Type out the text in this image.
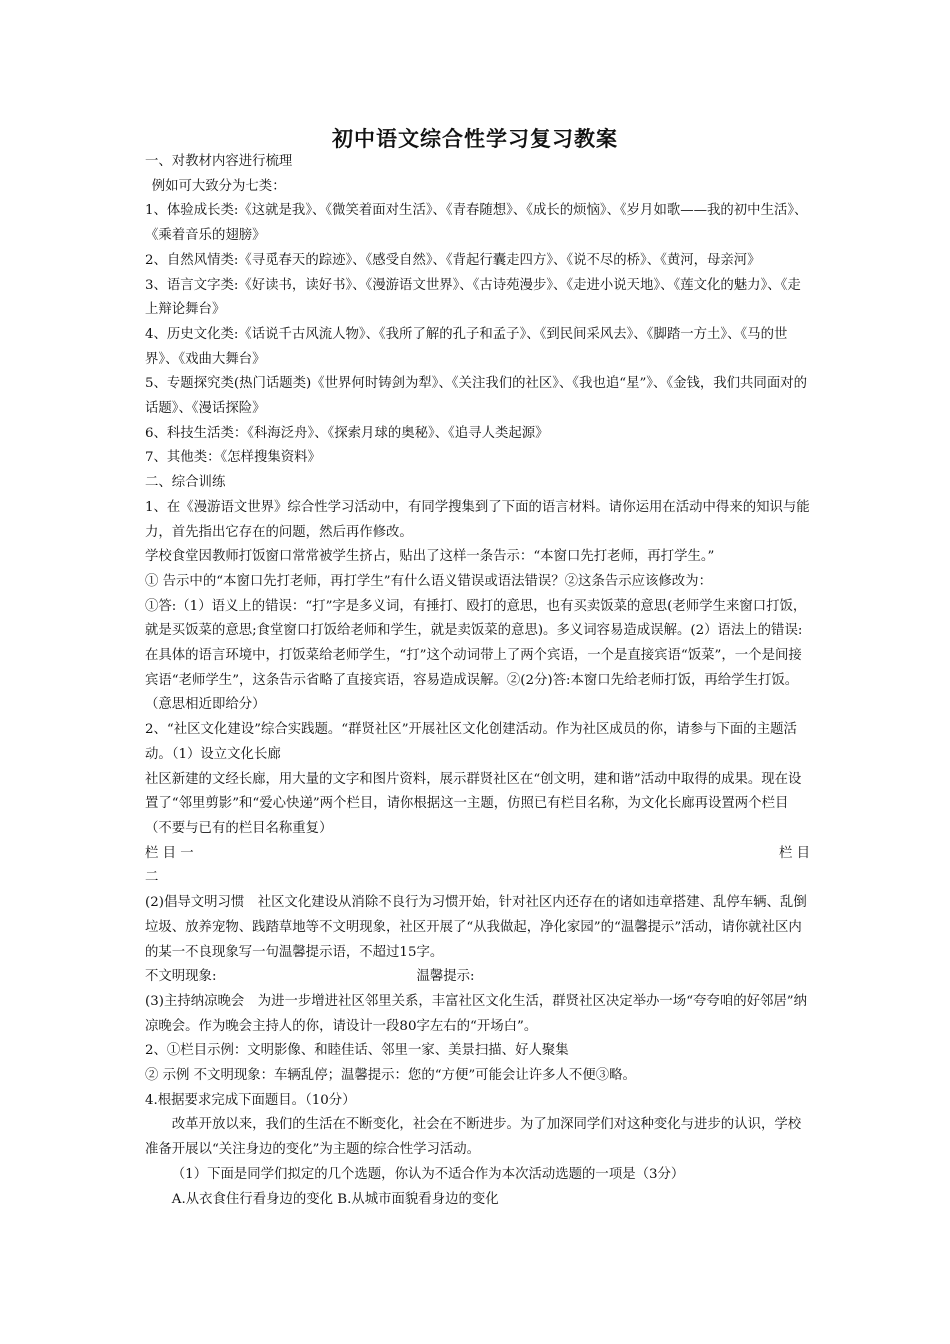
初中语文综合性学习复习教案

一、对教材内容进行梳理

例如可大致分为七类：

1、体验成长类:《这就是我》、《微笑着面对生活》、《青春随想》、《成长的烦恼》、《岁月如歌——我的初中生活》、《乘着音乐的翅膀》

2、自然风情类:《寻觅春天的踪迹》、《感受自然》、《背起行囊走四方》、《说不尽的桥》、《黄河，母亲河》

3、语言文字类:《好读书，读好书》、《漫游语文世界》、《古诗苑漫步》、《走进小说天地》、《莲文化的魅力》、《走上辩论舞台》

4、历史文化类:《话说千古风流人物》、《我所了解的孔子和孟子》、《到民间采风去》、《脚踏一方土》、《马的世界》、《戏曲大舞台》

5、专题探究类(热门话题类)《世界何时铸剑为犁》、《关注我们的社区》、《我也追“星”》、《金钱，我们共同面对的话题》、《漫话探险》

6、科技生活类：《科海泛舟》、《探索月球的奥秘》、《追寻人类起源》

7、其他类：《怎样搜集资料》

二、综合训练

1、在《漫游语文世界》综合性学习活动中，有同学搜集到了下面的语言材料。请你运用在活动中得来的知识与能力，首先指出它存在的问题，然后再作修改。

学校食堂因教师打饭窗口常常被学生挤占，贴出了这样一条告示：“本窗口先打老师，再打学生。”

① 告示中的“本窗口先打老师，再打学生”有什么语义错误或语法错误？②这条告示应该修改为：

①答:（1）语义上的错误：“打”字是多义词，有捶打、殴打的意思，也有买卖饭菜的意思(老师学生来窗口打饭，就是买饭菜的意思;食堂窗口打饭给老师和学生，就是卖饭菜的意思)。多义词容易造成误解。(2）语法上的错误:在具体的语言环境中，打饭菜给老师学生，“打”这个动词带上了两个宾语，一个是直接宾语“饭菜”，一个是间接宾语“老师学生”，这条告示省略了直接宾语，容易造成误解。②(2分)答:本窗口先给老师打饭，再给学生打饭。（意思相近即给分）

2、“社区文化建设”综合实践题。“群贤社区”开展社区文化创建活动。作为社区成员的你，请参与下面的主题活动。（1）设立文化长廊

社区新建的文经长廊，用大量的文字和图片资料，展示群贤社区在“创文明，建和谐”活动中取得的成果。现在设置了“邻里剪影”和“爱心快递”两个栏目，请你根据这一主题，仿照已有栏目名称，为文化长廊再设置两个栏目（不要与已有的栏目名称重复）

栏 目 一	栏 目

二

(2)倡导文明习惯　社区文化建设从消除不良行为习惯开始，针对社区内还存在的诸如违章搭建、乱停车辆、乱倒垃圾、放养宠物、践踏草地等不文明现象，社区开展了“从我做起，净化家园”的“温馨提示”活动，请你就社区内的某一不良现象写一句温馨提示语，不超过15字。

不文明现象:	温馨提示:

(3)主持纳凉晚会　为进一步增进社区邻里关系，丰富社区文化生活，群贤社区决定举办一场“夸夸咱的好邻居”纳凉晚会。作为晚会主持人的你，请设计一段80字左右的“开场白”。

2、①栏目示例：文明影像、和睦佳话、邻里一家、美景扫描、好人聚集

② 示例 不文明现象：车辆乱停；温馨提示：您的“方便”可能会让许多人不便③略。

4.根据要求完成下面题目。（10分）

改革开放以来，我们的生活在不断变化，社会在不断进步。为了加深同学们对这种变化与进步的认识，学校准备开展以“关注身边的变化”为主题的综合性学习活动。

（1）下面是同学们拟定的几个选题，你认为不适合作为本次活动选题的一项是（3分）

A.从衣食住行看身边的变化 B.从城市面貌看身边的变化
